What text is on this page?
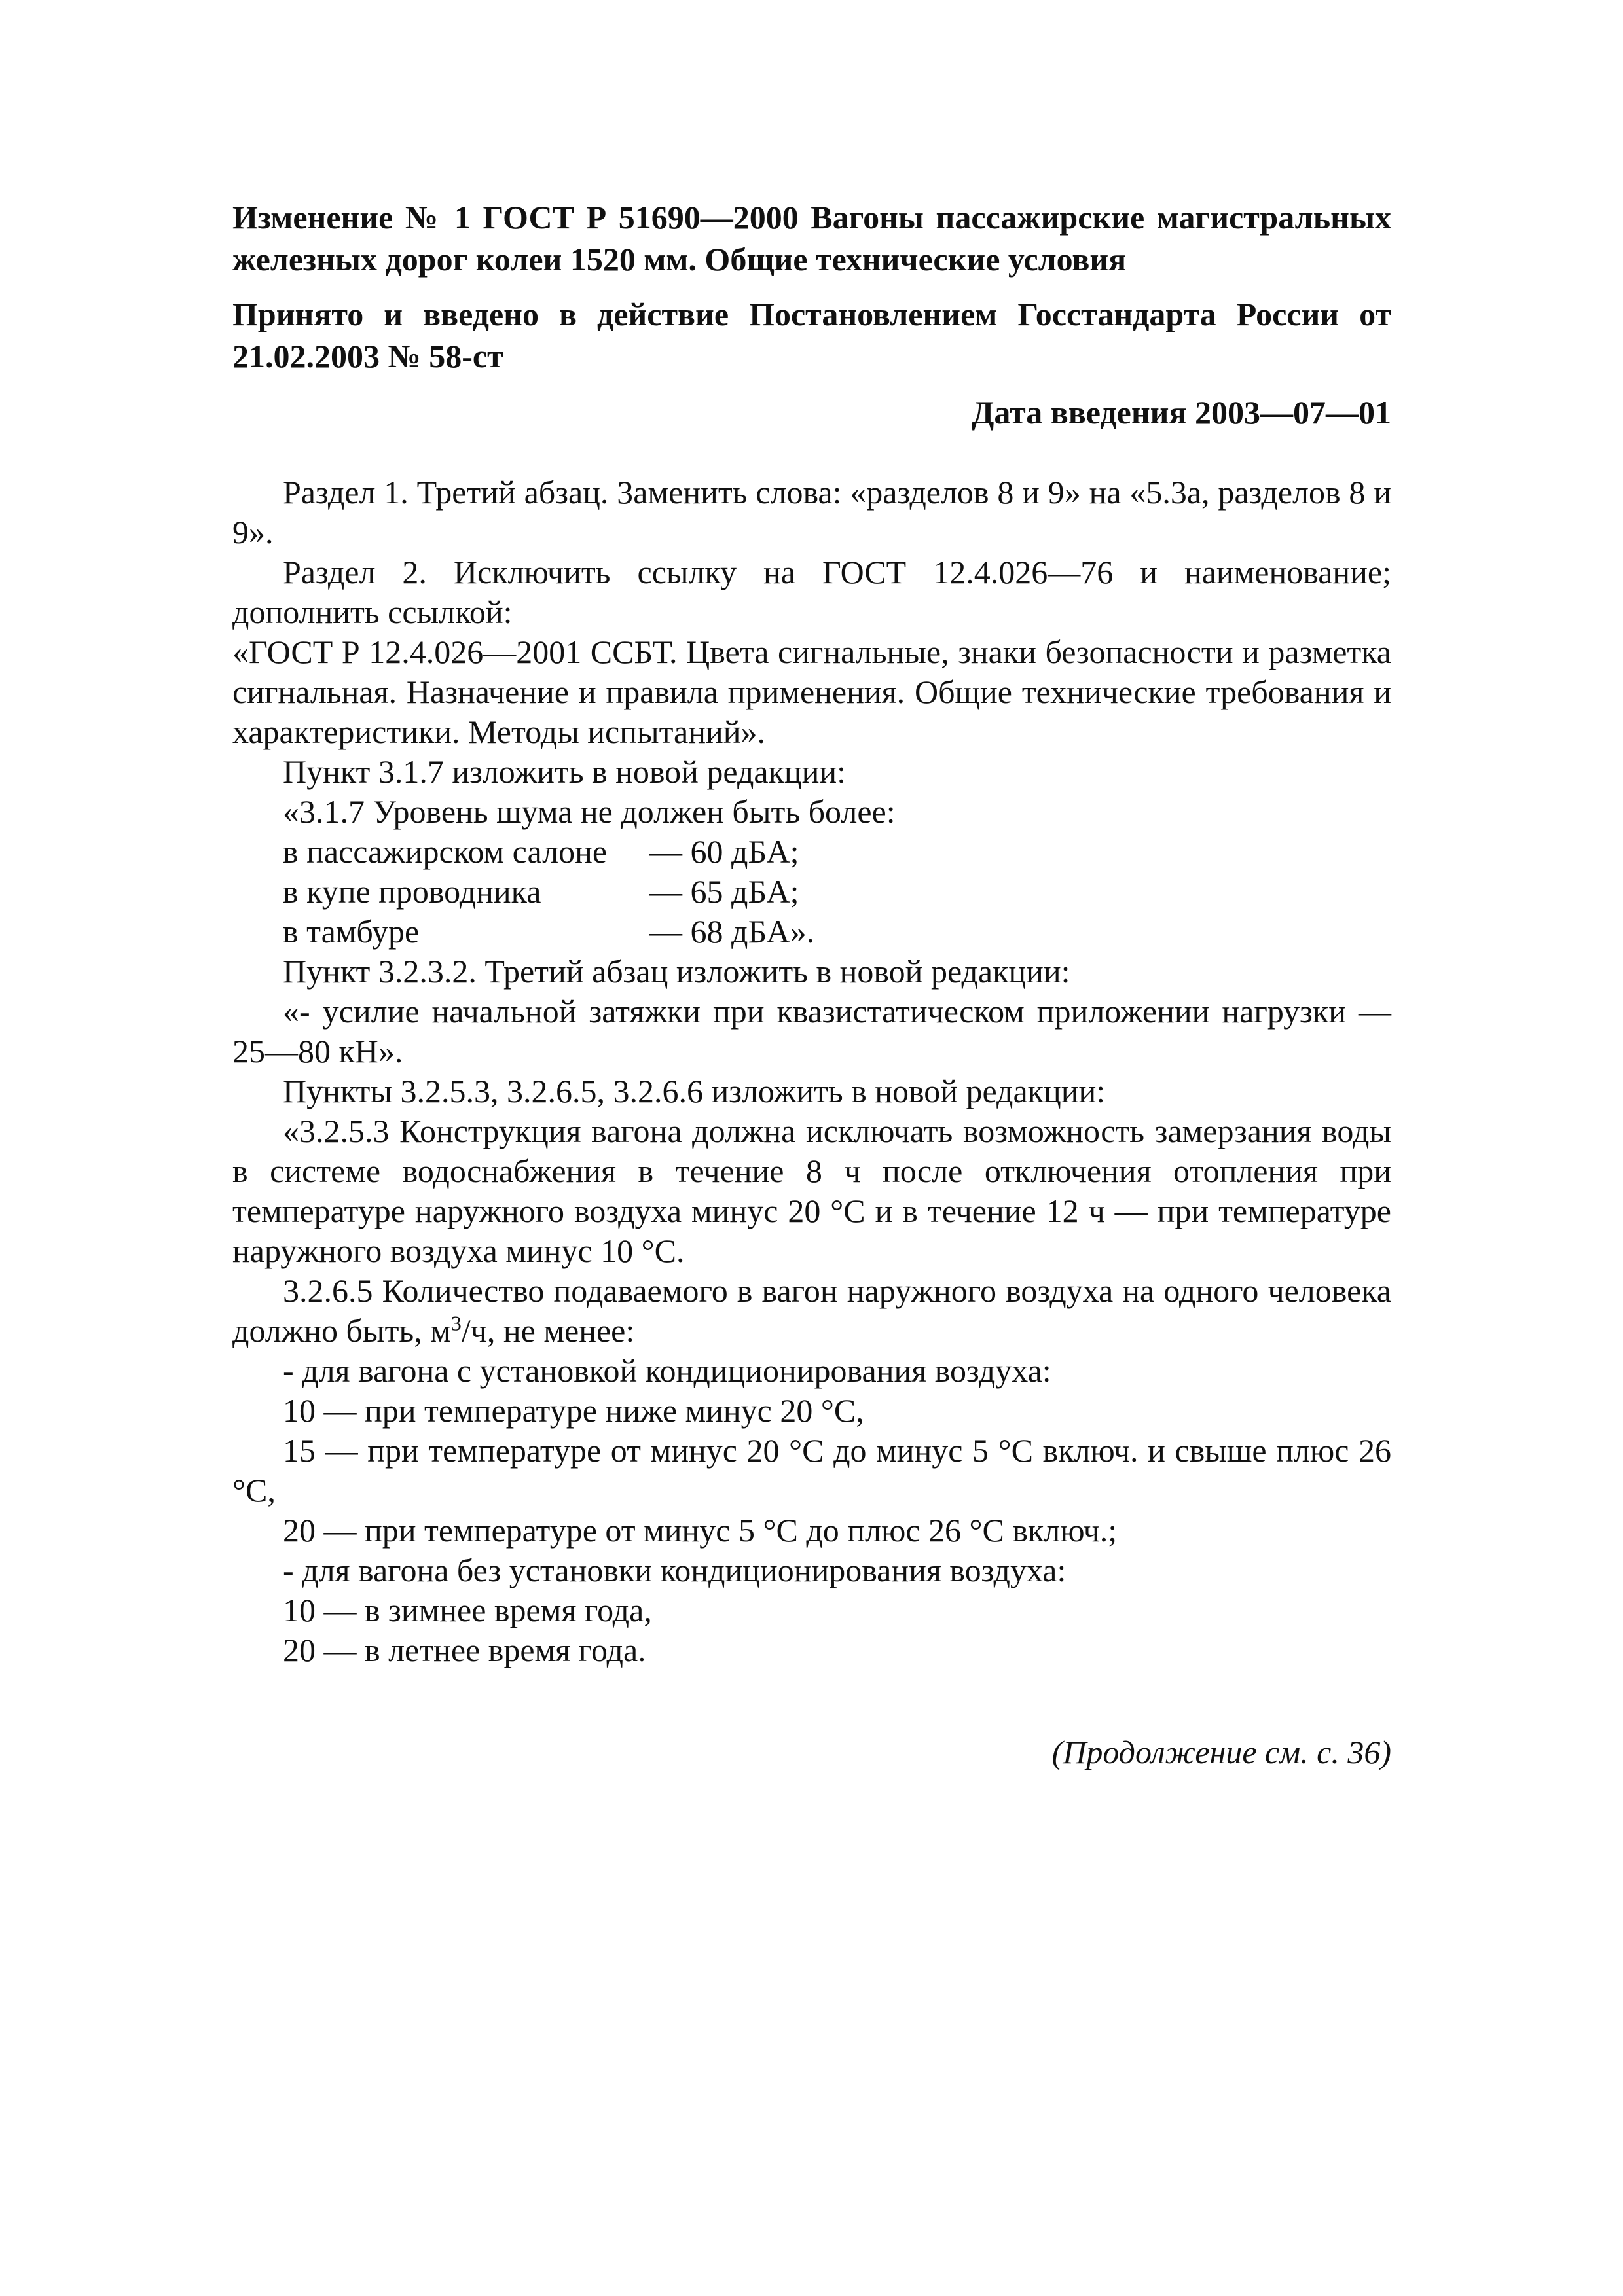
Изменение № 1 ГОСТ Р 51690—2000 Вагоны пассажирские магистральных железных дорог колеи 1520 мм. Общие технические условия

Принято и введено в действие Постановлением Госстандарта России от 21.02.2003 № 58-ст

Дата введения 2003—07—01

Раздел 1. Третий абзац. Заменить слова: «разделов 8 и 9» на «5.3а, разделов 8 и 9».

Раздел 2. Исключить ссылку на ГОСТ 12.4.026—76 и наименование; дополнить ссылкой:

«ГОСТ Р 12.4.026—2001 ССБТ. Цвета сигнальные, знаки безопасности и разметка сигнальная. Назначение и правила применения. Общие технические требования и характеристики. Методы испытаний».

Пункт 3.1.7 изложить в новой редакции:

«3.1.7 Уровень шума не должен быть более:

в пассажирском салоне	— 60 дБА;
в купе проводника	— 65 дБА;
в тамбуре	— 68 дБА».

Пункт 3.2.3.2. Третий абзац изложить в новой редакции:

«- усилие начальной затяжки при квазистатическом приложении нагрузки — 25—80 кН».

Пункты 3.2.5.3, 3.2.6.5, 3.2.6.6 изложить в новой редакции:

«3.2.5.3 Конструкция вагона должна исключать возможность замерзания воды в системе водоснабжения в течение 8 ч после отключения отопления при температуре наружного воздуха минус 20 °С и в течение 12 ч — при температуре наружного воздуха минус 10 °С.

3.2.6.5 Количество подаваемого в вагон наружного воздуха на одного человека должно быть, $м^3/ч$, не менее:

- для вагона с установкой кондиционирования воздуха:

10 — при температуре ниже минус 20 °С,

15 — при температуре от минус 20 °С до минус 5 °С включ. и свыше плюс 26 °С,

20 — при температуре от минус 5 °С до плюс 26 °С включ.;

- для вагона без установки кондиционирования воздуха:

10 — в зимнее время года,

20 — в летнее время года.

(Продолжение см. с. 36)
